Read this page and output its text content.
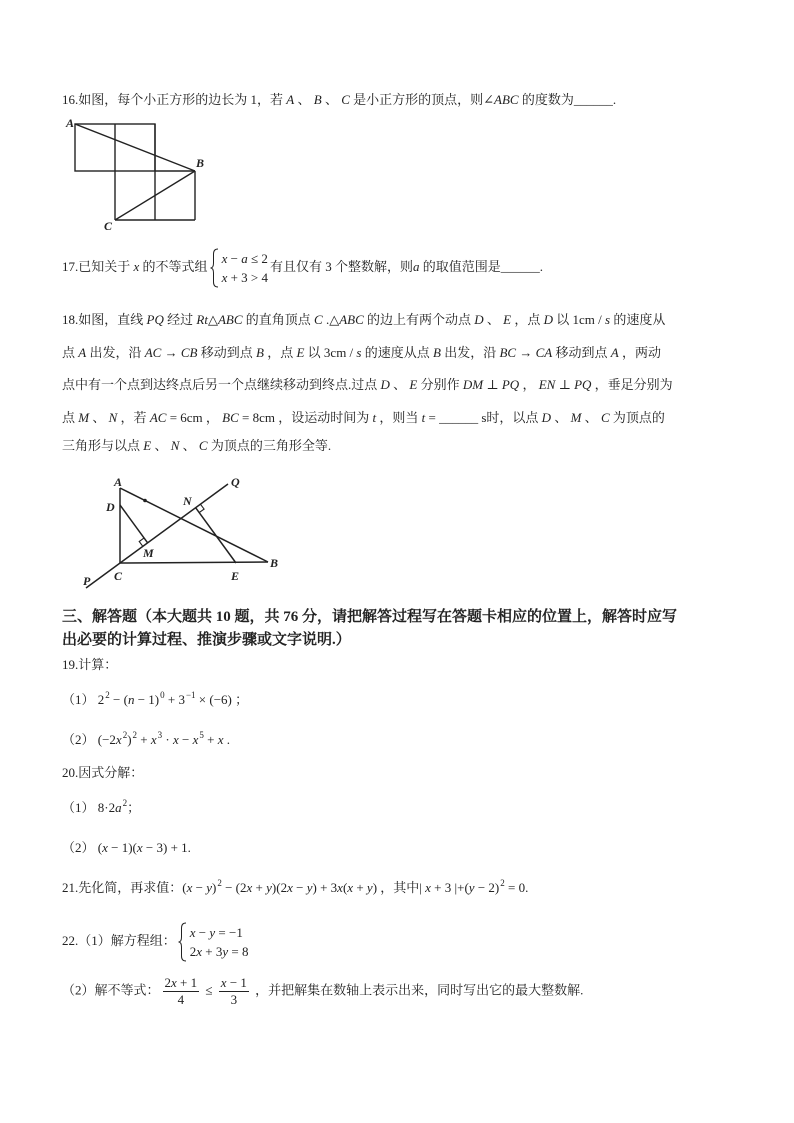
16.如图，每个小正方形的边长为 1，若 A 、 B 、 C 是小正方形的顶点，则∠ABC 的度数为______.
A
B
C
17.已知关于 x 的不等式组
x − a ≤ 2
x + 3 > 4
有且仅有 3 个整数解，则a 的取值范围是______.
18.如图，直线 PQ 经过 Rt△ABC 的直角顶点 C .△ABC 的边上有两个动点 D 、 E ，点 D 以 1cm / s 的速度从
点 A 出发，沿 AC → CB 移动到点 B ，点 E 以 3cm / s 的速度从点 B 出发，沿 BC → CA 移动到点 A ，两动
点中有一个点到达终点后另一个点继续移动到终点.过点 D 、 E 分别作 DM ⊥ PQ ， EN ⊥ PQ ，垂足分别为
点 M 、 N ，若 AC = 6cm ， BC = 8cm ，设运动时间为 t ，则当 t = ______ s时，以点 D 、 M 、 C 为顶点的
三角形与以点 E 、 N 、 C 为顶点的三角形全等.
A
D
M
N
Q
P C	E
B
三、解答题（本大题共 10 题，共 76 分，请把解答过程写在答题卡相应的位置上，解答时应写
出必要的计算过程、推演步骤或文字说明.）
19.计算：
（1） 22 − (n − 1)0 + 3−1 × (−6) ；
（2） (−2x2)2 + x3 · x − x5 + x .
20.因式分解：
（1） 8·2a2；
（2） (x − 1)(x − 3) + 1.
21.先化简，再求值：(x − y)2 − (2x + y)(2x − y) + 3x(x + y) ，其中| x + 3 |+(y − 2)2 = 0.
22.（1）解方程组：
x − y = −1
2x + 3y = 8
（2）解不等式： $\frac{2x + 1}{4} \le \frac{x - 1}{3}$ ，并把解集在数轴上表示出来，同时写出它的最大整数解.
